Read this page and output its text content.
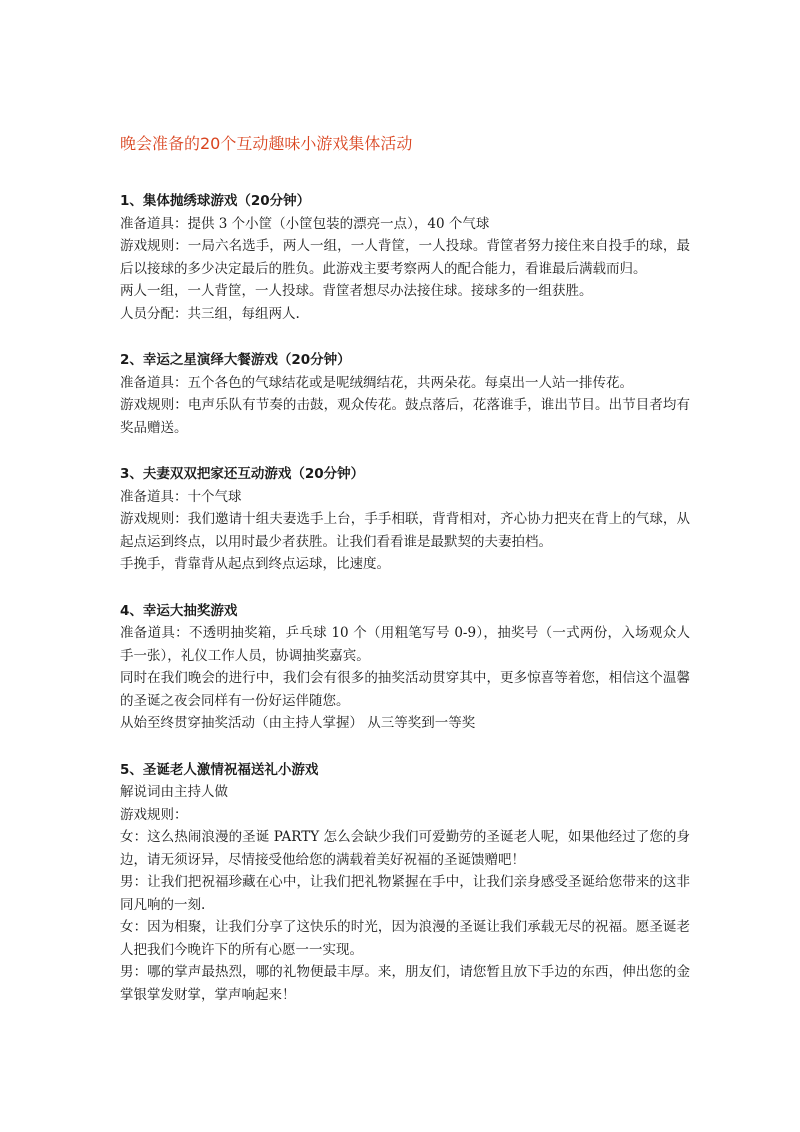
晚会准备的20个互动趣味小游戏集体活动

1、集体抛绣球游戏（20分钟）

准备道具：提供 3 个小筐（小筐包装的漂亮一点），40 个气球

游戏规则：一局六名选手，两人一组，一人背筐，一人投球。背筐者努力接住来自投手的球，最后以接球的多少决定最后的胜负。此游戏主要考察两人的配合能力，看谁最后满载而归。

两人一组，一人背筐，一人投球。背筐者想尽办法接住球。接球多的一组获胜。

人员分配：共三组，每组两人.

2、幸运之星演绎大餐游戏（20分钟）

准备道具：五个各色的气球结花或是呢绒绸结花，共两朵花。每桌出一人站一排传花。

游戏规则：电声乐队有节奏的击鼓，观众传花。鼓点落后，花落谁手，谁出节目。出节目者均有奖品赠送。

3、夫妻双双把家还互动游戏（20分钟）

准备道具：十个气球

游戏规则：我们邀请十组夫妻选手上台，手手相联，背背相对，齐心协力把夹在背上的气球，从起点运到终点，以用时最少者获胜。让我们看看谁是最默契的夫妻拍档。

手挽手，背靠背从起点到终点运球，比速度。

4、幸运大抽奖游戏

准备道具：不透明抽奖箱，乒乓球 10 个（用粗笔写号 0-9），抽奖号（一式两份，入场观众人手一张），礼仪工作人员，协调抽奖嘉宾。

同时在我们晚会的进行中，我们会有很多的抽奖活动贯穿其中，更多惊喜等着您，相信这个温馨的圣诞之夜会同样有一份好运伴随您。

从始至终贯穿抽奖活动（由主持人掌握） 从三等奖到一等奖

5、圣诞老人激情祝福送礼小游戏

解说词由主持人做

游戏规则：

女：这么热闹浪漫的圣诞 PARTY 怎么会缺少我们可爱勤劳的圣诞老人呢，如果他经过了您的身边，请无须讶异，尽情接受他给您的满载着美好祝福的圣诞馈赠吧！

男：让我们把祝福珍藏在心中，让我们把礼物紧握在手中，让我们亲身感受圣诞给您带来的这非同凡响的一刻.

女：因为相聚，让我们分享了这快乐的时光，因为浪漫的圣诞让我们承载无尽的祝福。愿圣诞老人把我们今晚许下的所有心愿一一实现。

男：哪的掌声最热烈，哪的礼物便最丰厚。来，朋友们，请您暂且放下手边的东西，伸出您的金掌银掌发财掌，掌声响起来！
